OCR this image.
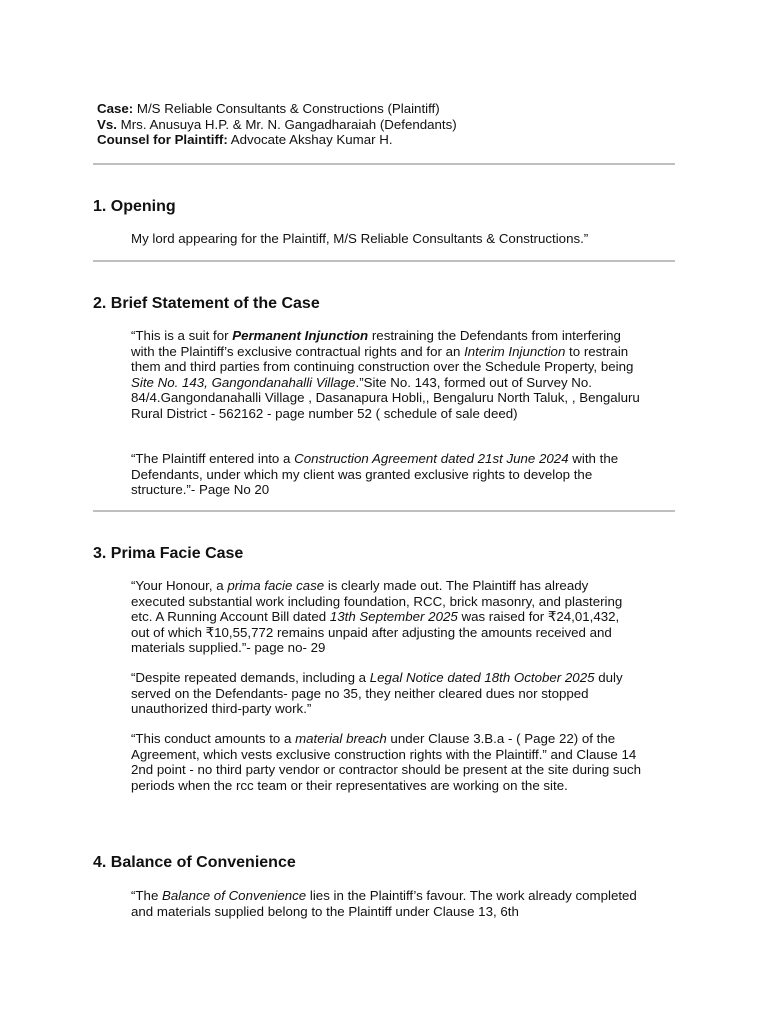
Case: M/S Reliable Consultants & Constructions (Plaintiff)
Vs. Mrs. Anusuya H.P. & Mr. N. Gangadharaiah (Defendants)
Counsel for Plaintiff: Advocate Akshay Kumar H.
1. Opening

My lord appearing for the Plaintiff, M/S Reliable Consultants & Constructions.”

2. Brief Statement of the Case

“This is a suit for Permanent Injunction restraining the Defendants from interfering with the Plaintiff’s exclusive contractual rights and for an Interim Injunction to restrain them and third parties from continuing construction over the Schedule Property, being Site No. 143, Gangondanahalli Village.”Site No. 143, formed out of Survey No. 84/4.Gangondanahalli Village , Dasanapura Hobli,, Bengaluru North Taluk, , Bengaluru Rural District - 562162 - page number 52 ( schedule of sale deed)

“The Plaintiff entered into a Construction Agreement dated 21st June 2024 with the Defendants, under which my client was granted exclusive rights to develop the structure.”- Page No 20

3. Prima Facie Case

“Your Honour, a prima facie case is clearly made out. The Plaintiff has already executed substantial work including foundation, RCC, brick masonry, and plastering etc. A Running Account Bill dated 13th September 2025 was raised for ₹24,01,432, out of which ₹10,55,772 remains unpaid after adjusting the amounts received and materials supplied.”- page no- 29

“Despite repeated demands, including a Legal Notice dated 18th October 2025 duly served on the Defendants- page no 35, they neither cleared dues nor stopped unauthorized third-party work.”

“This conduct amounts to a material breach under Clause 3.B.a - ( Page 22) of the Agreement, which vests exclusive construction rights with the Plaintiff.” and Clause 14 2nd point - no third party vendor or contractor should be present at the site during such periods when the rcc team or their representatives are working on the site.

4. Balance of Convenience

“The Balance of Convenience lies in the Plaintiff’s favour. The work already completed and materials supplied belong to the Plaintiff under Clause 13, 6th
